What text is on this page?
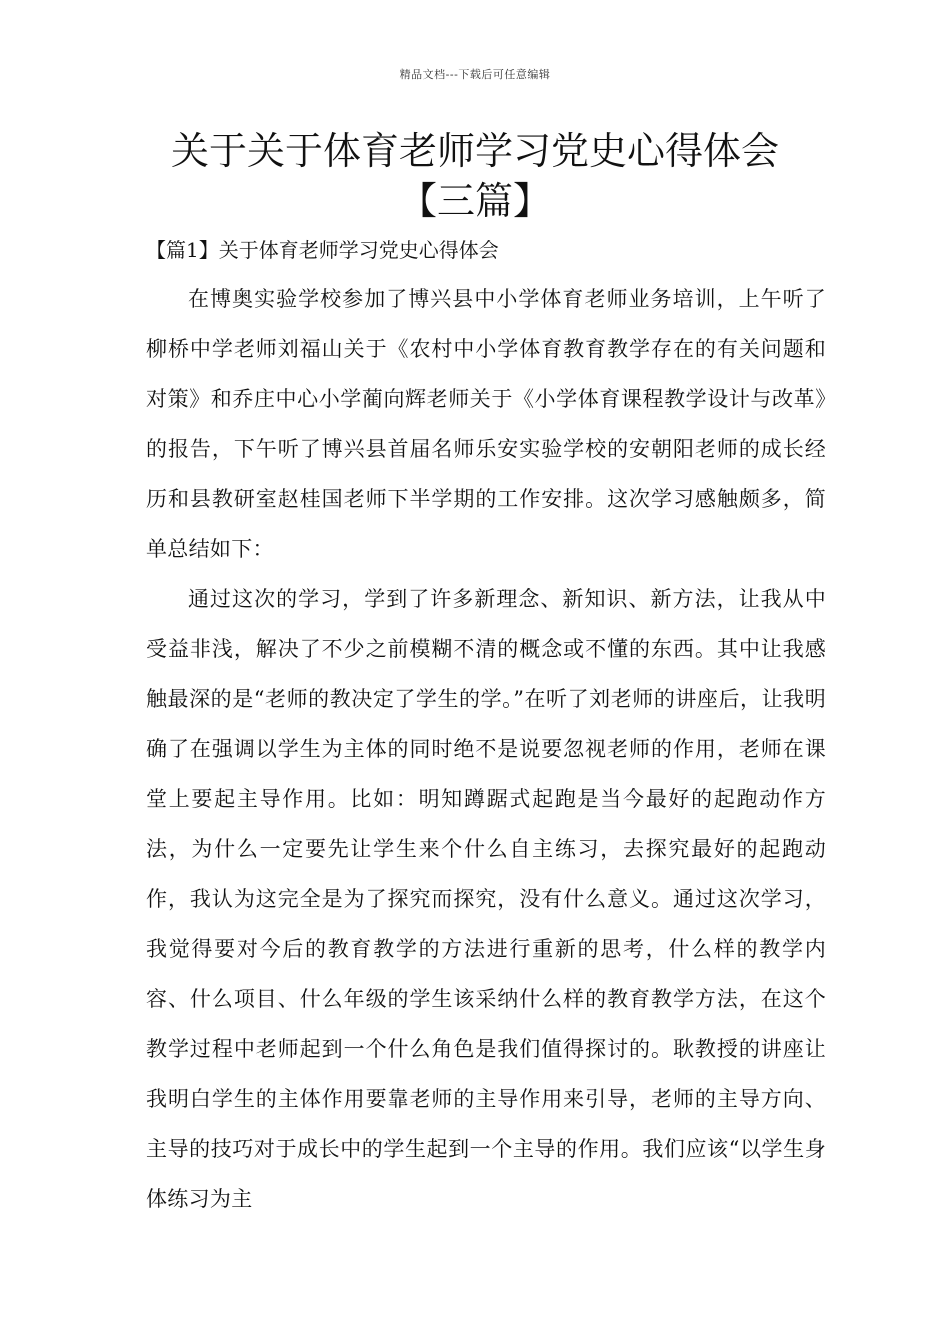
精品文档---下载后可任意编辑
关于关于体育老师学习党史心得体会
【三篇】
【篇1】关于体育老师学习党史心得体会

在博奥实验学校参加了博兴县中小学体育老师业务培训，上午听了柳桥中学老师刘福山关于《农村中小学体育教育教学存在的有关问题和对策》和乔庄中心小学蔺向辉老师关于《小学体育课程教学设计与改革》的报告，下午听了博兴县首届名师乐安实验学校的安朝阳老师的成长经历和县教研室赵桂国老师下半学期的工作安排。这次学习感触颇多，简单总结如下：

通过这次的学习，学到了许多新理念、新知识、新方法，让我从中受益非浅，解决了不少之前模糊不清的概念或不懂的东西。其中让我感触最深的是“老师的教决定了学生的学。”在听了刘老师的讲座后，让我明确了在强调以学生为主体的同时绝不是说要忽视老师的作用，老师在课堂上要起主导作用。比如：明知蹲踞式起跑是当今最好的起跑动作方法，为什么一定要先让学生来个什么自主练习，去探究最好的起跑动作，我认为这完全是为了探究而探究，没有什么意义。通过这次学习，我觉得要对今后的教育教学的方法进行重新的思考，什么样的教学内容、什么项目、什么年级的学生该采纳什么样的教育教学方法，在这个教学过程中老师起到一个什么角色是我们值得探讨的。耿教授的讲座让我明白学生的主体作用要靠老师的主导作用来引导，老师的主导方向、主导的技巧对于成长中的学生起到一个主导的作用。我们应该“以学生身体练习为主
